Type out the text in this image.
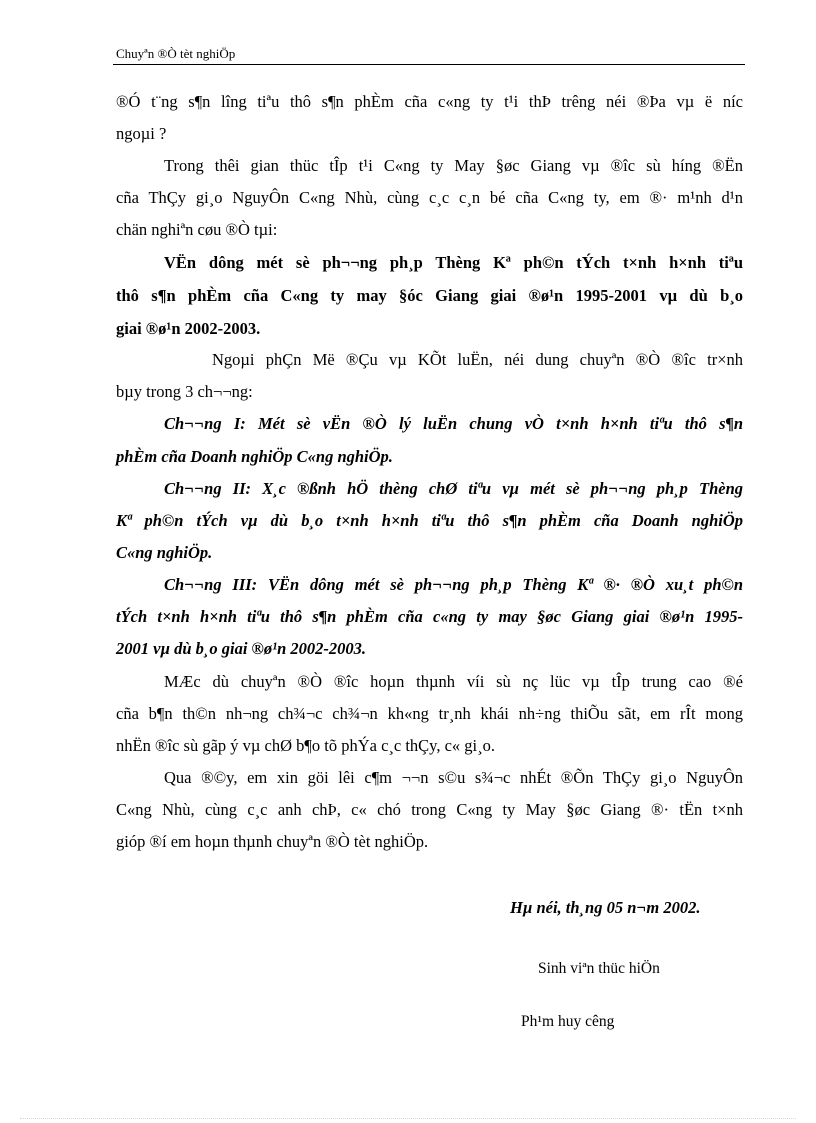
Chuyªn ®Ò tèt nghiÖp
®Ó t¨ng s¶n lîng tiªu thô s¶n phÈm cña c«ng ty t¹i thÞ trêng néi ®Þa vµ ë níc
ngoµi ?
Trong thêi gian thüc tÎp t¹i C«ng ty May §øc Giang vµ ®îc sù híng ®Ën
cña ThÇy gi¸o NguyÔn C«ng Nhù, cùng c¸c c¸n bé cña C«ng ty, em ®· m¹nh d¹n
chän nghiªn cøu ®Ò tµi:
VËn dông mét sè ph¬¬ng ph¸p Thèng Kª ph©n tÝch t×nh h×nh tiªu
thô s¶n phÈm cña C«ng ty may §óc Giang giai ®ø¹n 1995-2001 vµ dù b¸o
giai ®ø¹n 2002-2003.
Ngoµi phÇn Më ®Çu vµ KÕt luËn, néi dung chuyªn ®Ò ®îc tr×nh
bµy trong 3 ch¬¬ng:
Ch¬¬ng I: Mét sè vËn ®Ò lý luËn chung vÒ t×nh h×nh tiªu thô s¶n
phÈm cña Doanh nghiÖp C«ng nghiÖp.
Ch¬¬ng II: X¸c ®ßnh hÖ thèng chØ tiªu vµ mét sè ph¬¬ng ph¸p Thèng
Kª ph©n tÝch vµ dù b¸o t×nh h×nh tiªu thô s¶n phÈm cña Doanh nghiÖp
C«ng nghiÖp.
Ch¬¬ng III: VËn dông mét sè ph¬¬ng ph¸p Thèng Kª ®· ®Ò xu¸t ph©n
tÝch t×nh h×nh tiªu thô s¶n phÈm cña c«ng ty may §øc Giang giai ®ø¹n 1995-
2001 vµ dù b¸o giai ®ø¹n 2002-2003.
MÆc dù chuyªn ®Ò ®îc hoµn thµnh víi sù nç lüc vµ tÎp trung cao ®é
cña b¶n th©n nh¬ng ch¾¬c ch¾¬n kh«ng tr¸nh khái nh÷ng thiÕu sãt, em rÎt mong
nhËn ®îc sù gãp ý vµ chØ b¶o tõ phÝa c¸c thÇy, c« gi¸o.
Qua ®©y, em xin göi lêi c¶m ¬¬n s©u s¾¬c nhÉt ®Õn ThÇy gi¸o NguyÔn
C«ng Nhù, cùng c¸c anh chÞ, c« chó trong C«ng ty May §øc Giang ®· tËn t×nh
gióp ®í em hoµn thµnh chuyªn ®Ò tèt nghiÖp.
Hµ néi, th¸ng 05 n¬m 2002.
Sinh viªn thüc hiÖn
Ph¹m huy cêng
